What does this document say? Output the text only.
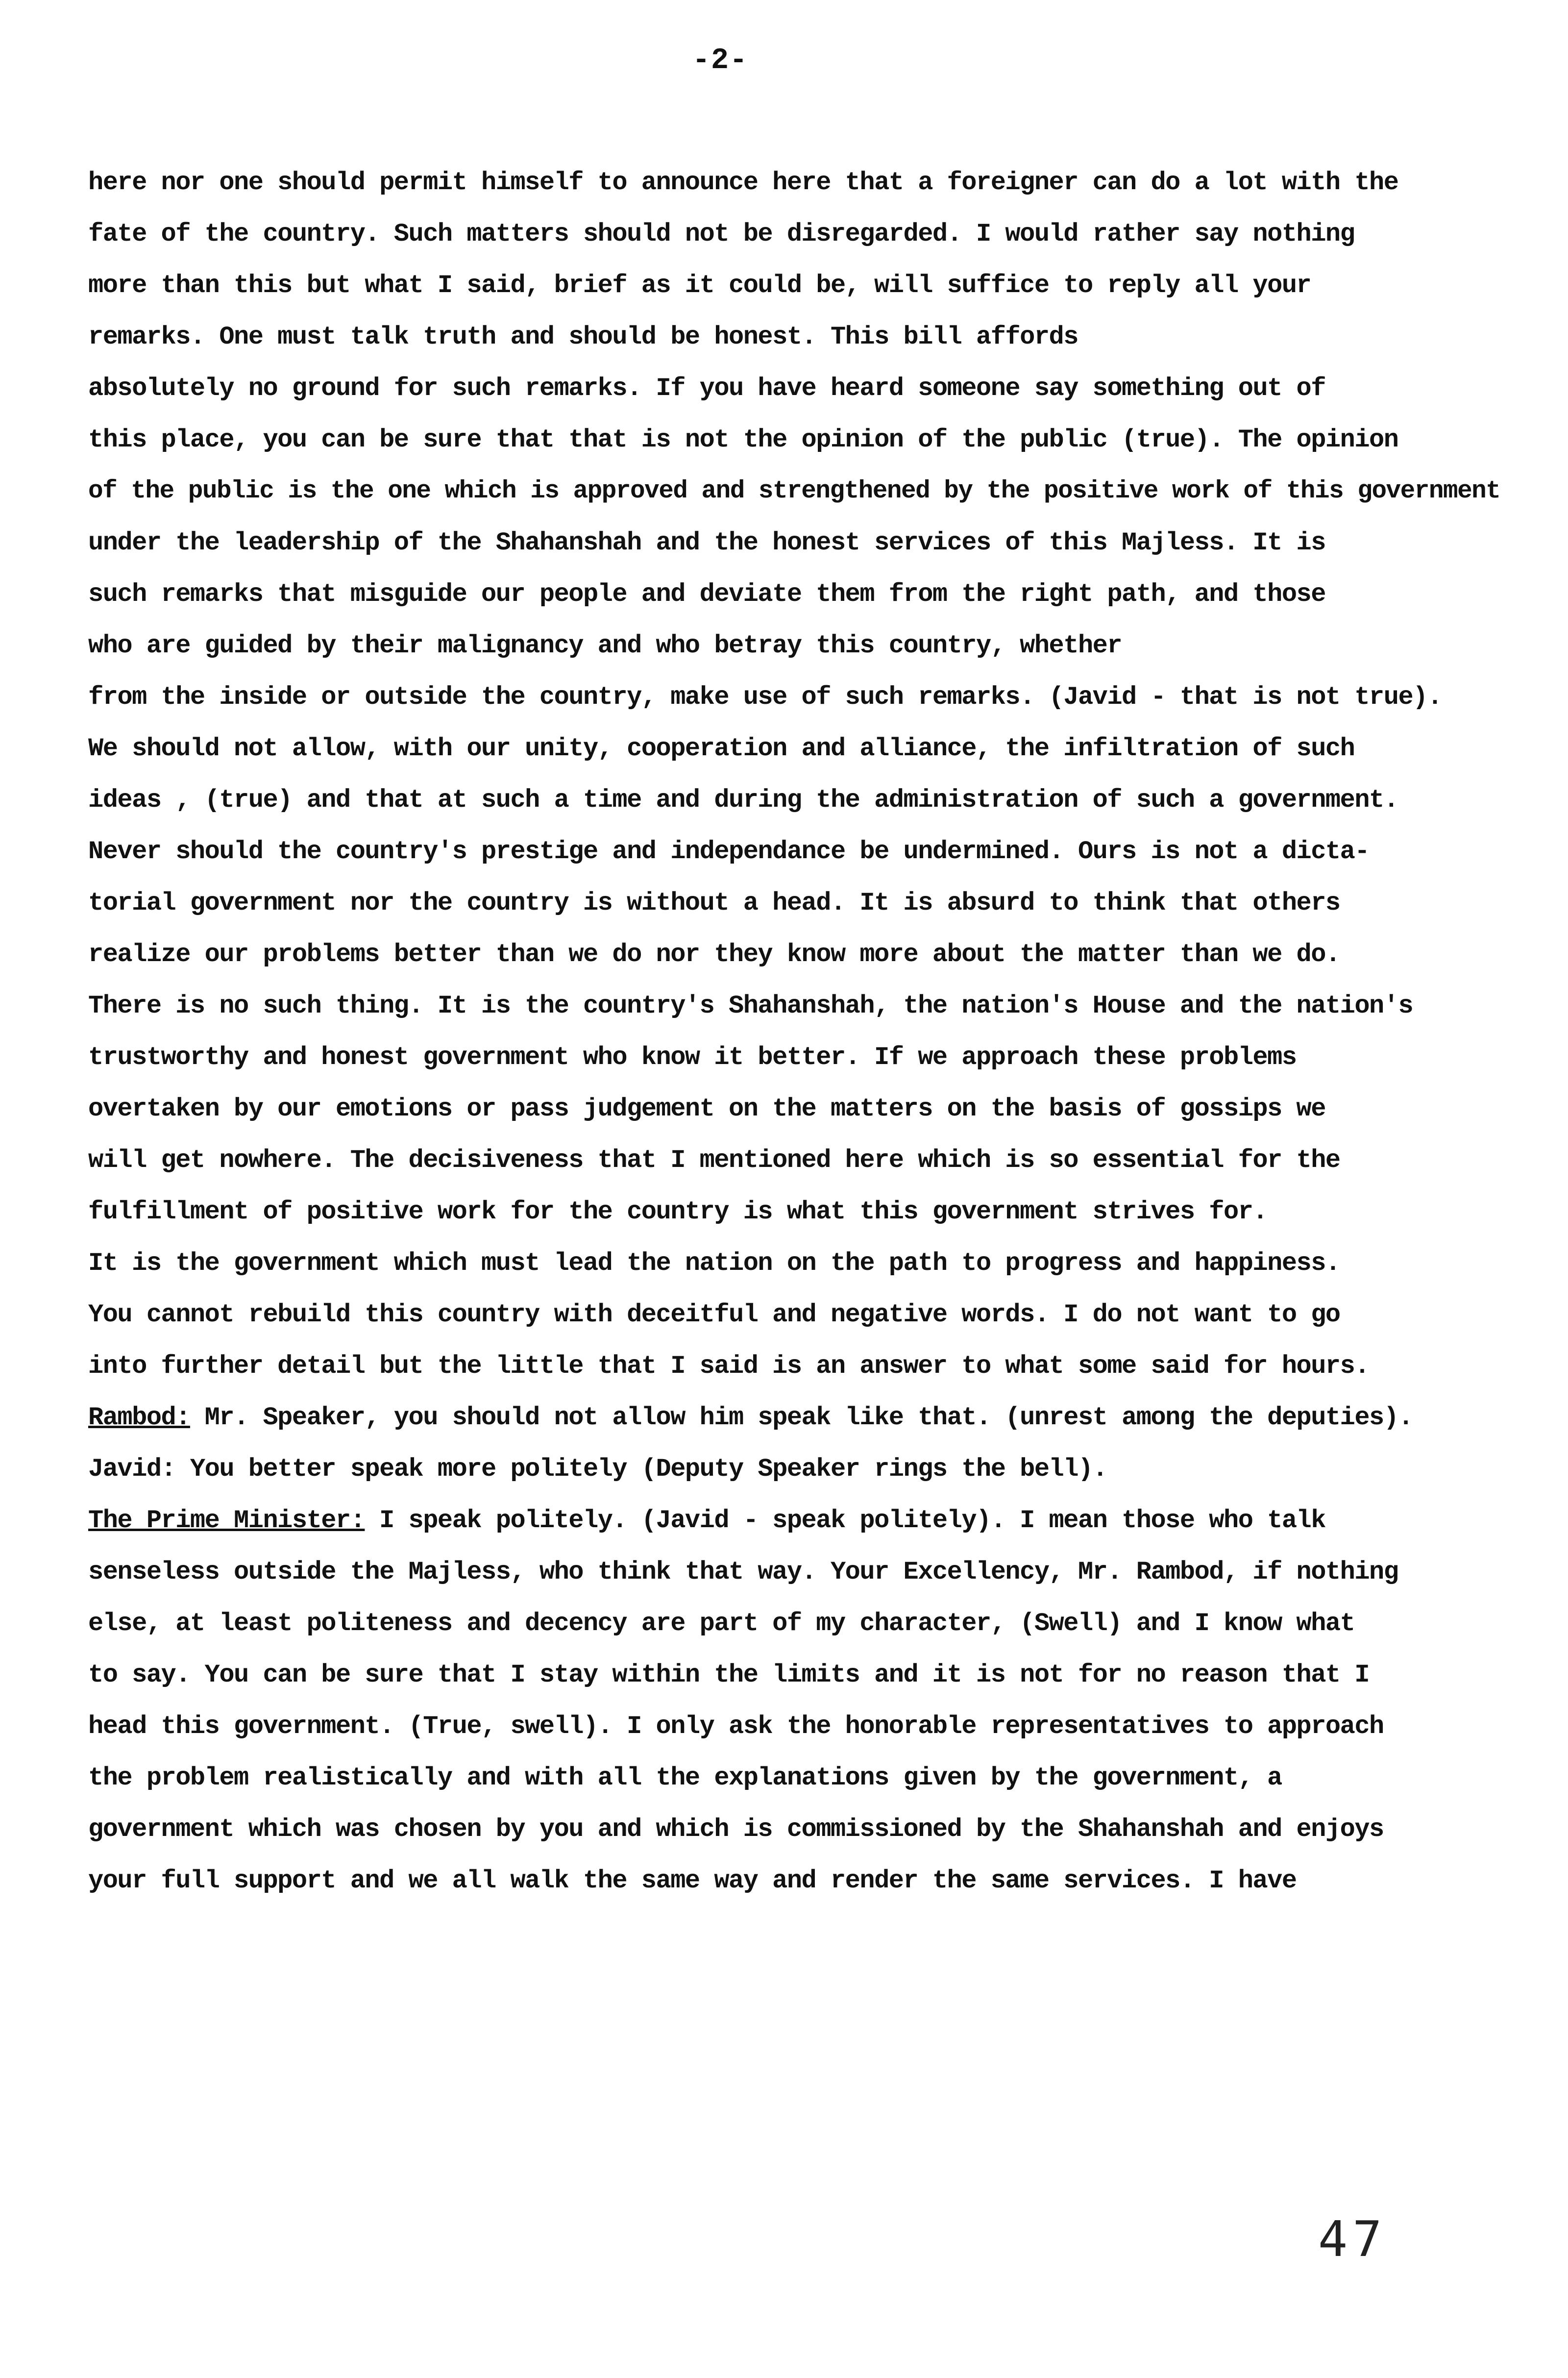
-2-
here nor one should permit himself to announce here that a foreigner can do a lot with the
fate of the country. Such matters should not be disregarded. I would rather say nothing
more than this but what I said, brief as it could be, will suffice to reply all your
remarks. One must talk truth and should be honest. This bill affords
absolutely no ground for such remarks. If you have heard someone say something out of
this place, you can be sure that that is not the opinion of the public (true). The opinion
of the public is the one which is approved and strengthened by the positive work of this government
under the leadership of the Shahanshah and the honest services of this Majless. It is
such remarks that misguide our people and deviate them from the right path, and those
who are guided by their malignancy and who betray this country, whether
from the inside or outside the country, make use of such remarks. (Javid - that is not true).
We should not allow, with our unity, cooperation and alliance, the infiltration of such
ideas , (true) and that at such a time and during the administration of such a government.
Never should the country's prestige and independance be undermined. Ours is not a dicta-
torial government nor the country is without a head. It is absurd to think that others
realize our problems better than we do nor they know more about the matter than we do.
There is no such thing. It is the country's Shahanshah, the nation's House and the nation's
trustworthy and honest government who know it better. If we approach these problems
overtaken by our emotions or pass judgement on the matters on the basis of gossips we
will get nowhere. The decisiveness that I mentioned here which is so essential for the
fulfillment of positive work for the country is what this government strives for.
It is the government which must lead the nation on the path to progress and happiness.
You cannot rebuild this country with deceitful and negative words. I do not want to go
into further detail but the little that I said is an answer to what some said for hours.
Rambod: Mr. Speaker, you should not allow him speak like that. (unrest among the deputies).
Javid: You better speak more politely (Deputy Speaker rings the bell).
The Prime Minister: I speak politely. (Javid - speak politely). I mean those who talk
senseless outside the Majless, who think that way. Your Excellency, Mr. Rambod, if nothing
else, at least politeness and decency are part of my character, (Swell) and I know what
to say. You can be sure that I stay within the limits and it is not for no reason that I
head this government. (True, swell). I only ask the honorable representatives to approach
the problem realistically and with all the explanations given by the government, a
government which was chosen by you and which is commissioned by the Shahanshah and enjoys
your full support and we all walk the same way and render the same services. I have
47
